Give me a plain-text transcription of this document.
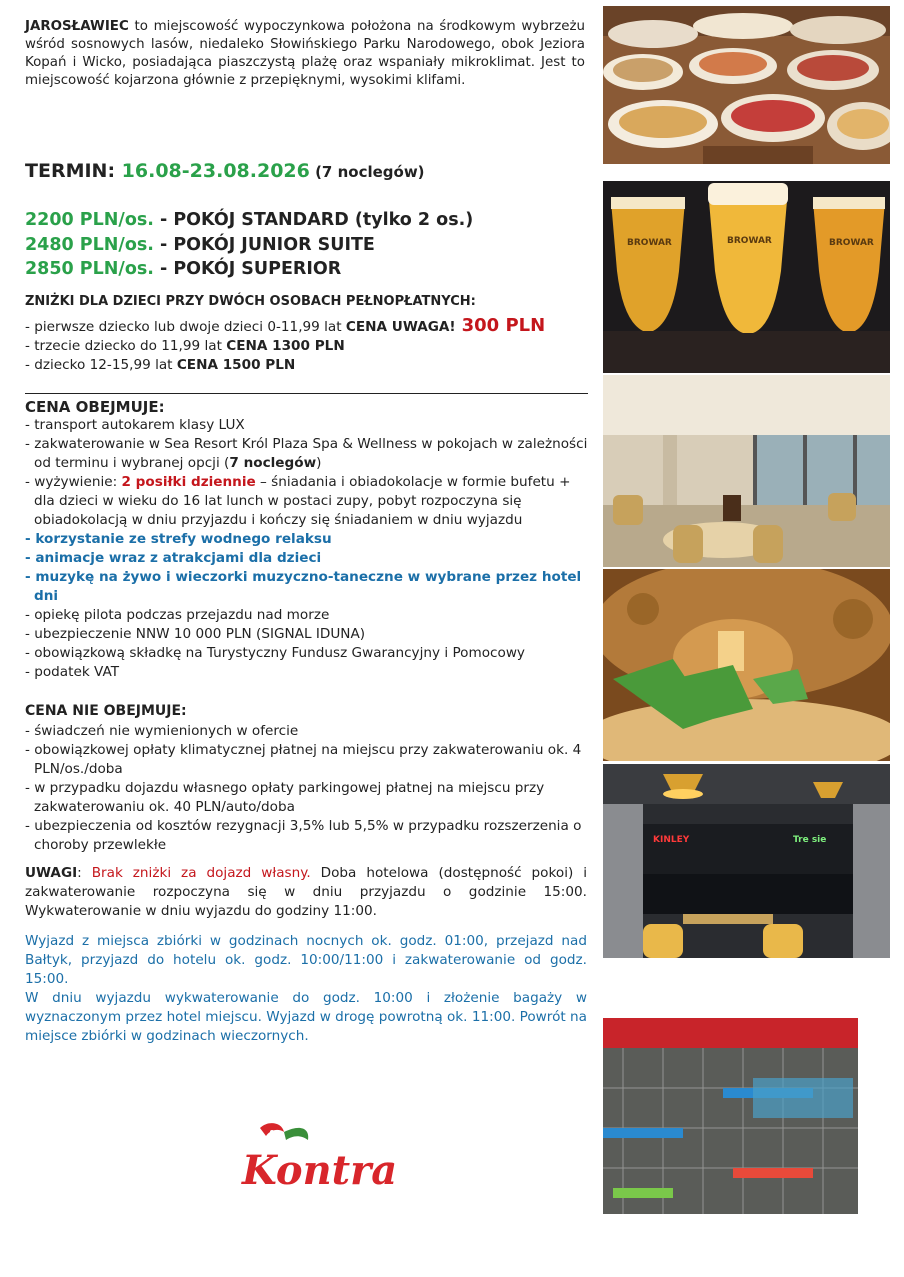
JAROSŁAWIEC to miejscowość wypoczynkowa położona na środkowym wybrzeżu wśród sosnowych lasów, niedaleko Słowińskiego Parku Narodowego, obok Jeziora Kopań i Wicko, posiadająca piaszczystą plażę oraz wspaniały mikroklimat. Jest to miejscowość kojarzona głównie z przepięknymi, wysokimi klifami.
TERMIN: 16.08-23.08.2026 (7 noclegów)
2200 PLN/os. - POKÓJ STANDARD (tylko 2 os.)
2480 PLN/os. - POKÓJ JUNIOR SUITE
2850 PLN/os. - POKÓJ SUPERIOR
ZNIŻKI DLA DZIECI PRZY DWÓCH OSOBACH PEŁNOPŁATNYCH:
- pierwsze dziecko lub dwoje dzieci 0-11,99 lat CENA UWAGA! 300 PLN
- trzecie dziecko do 11,99 lat CENA 1300 PLN
- dziecko 12-15,99 lat CENA 1500 PLN
CENA OBEJMUJE:
- transport autokarem klasy LUX
- zakwaterowanie w Sea Resort Król Plaza Spa & Wellness w pokojach w zależności od terminu i wybranej opcji (7 noclegów)
- wyżywienie: 2 posiłki dziennie – śniadania i obiadokolacje w formie bufetu + dla dzieci w wieku do 16 lat lunch w postaci zupy, pobyt rozpoczyna się obiadokolacją w dniu przyjazdu i kończy się śniadaniem w dniu wyjazdu
- korzystanie ze strefy wodnego relaksu
- animacje wraz z atrakcjami dla dzieci
- muzykę na żywo i wieczorki muzyczno-taneczne w wybrane przez hotel dni
- opiekę pilota podczas przejazdu nad morze
- ubezpieczenie NNW 10 000 PLN (SIGNAL IDUNA)
- obowiązkową składkę na Turystyczny Fundusz Gwarancyjny i Pomocowy
- podatek VAT
CENA NIE OBEJMUJE:
- świadczeń nie wymienionych w ofercie
- obowiązkowej opłaty klimatycznej płatnej na miejscu przy zakwaterowaniu ok. 4 PLN/os./doba
- w przypadku dojazdu własnego opłaty parkingowej płatnej na miejscu przy zakwaterowaniu ok. 40 PLN/auto/doba
- ubezpieczenia od kosztów rezygnacji 3,5% lub 5,5% w przypadku rozszerzenia o choroby przewlekłe
UWAGI: Brak zniżki za dojazd własny. Doba hotelowa (dostępność pokoi) i zakwaterowanie rozpoczyna się w dniu przyjazdu o godzinie 15:00. Wykwaterowanie w dniu wyjazdu do godziny 11:00.
Wyjazd z miejsca zbiórki w godzinach nocnych ok. godz. 01:00, przejazd nad Bałtyk, przyjazd do hotelu ok. godz. 10:00/11:00 i zakwaterowanie od godz. 15:00.
W dniu wyjazdu wykwaterowanie do godz. 10:00 i złożenie bagaży w wyznaczonym przez hotel miejscu. Wyjazd w drogę powrotną ok. 11:00. Powrót na miejsce zbiórki w godzinach wieczornych.
Kontra
BROWAR	BROWAR	BROWAR
KINLEY	Tre sie
